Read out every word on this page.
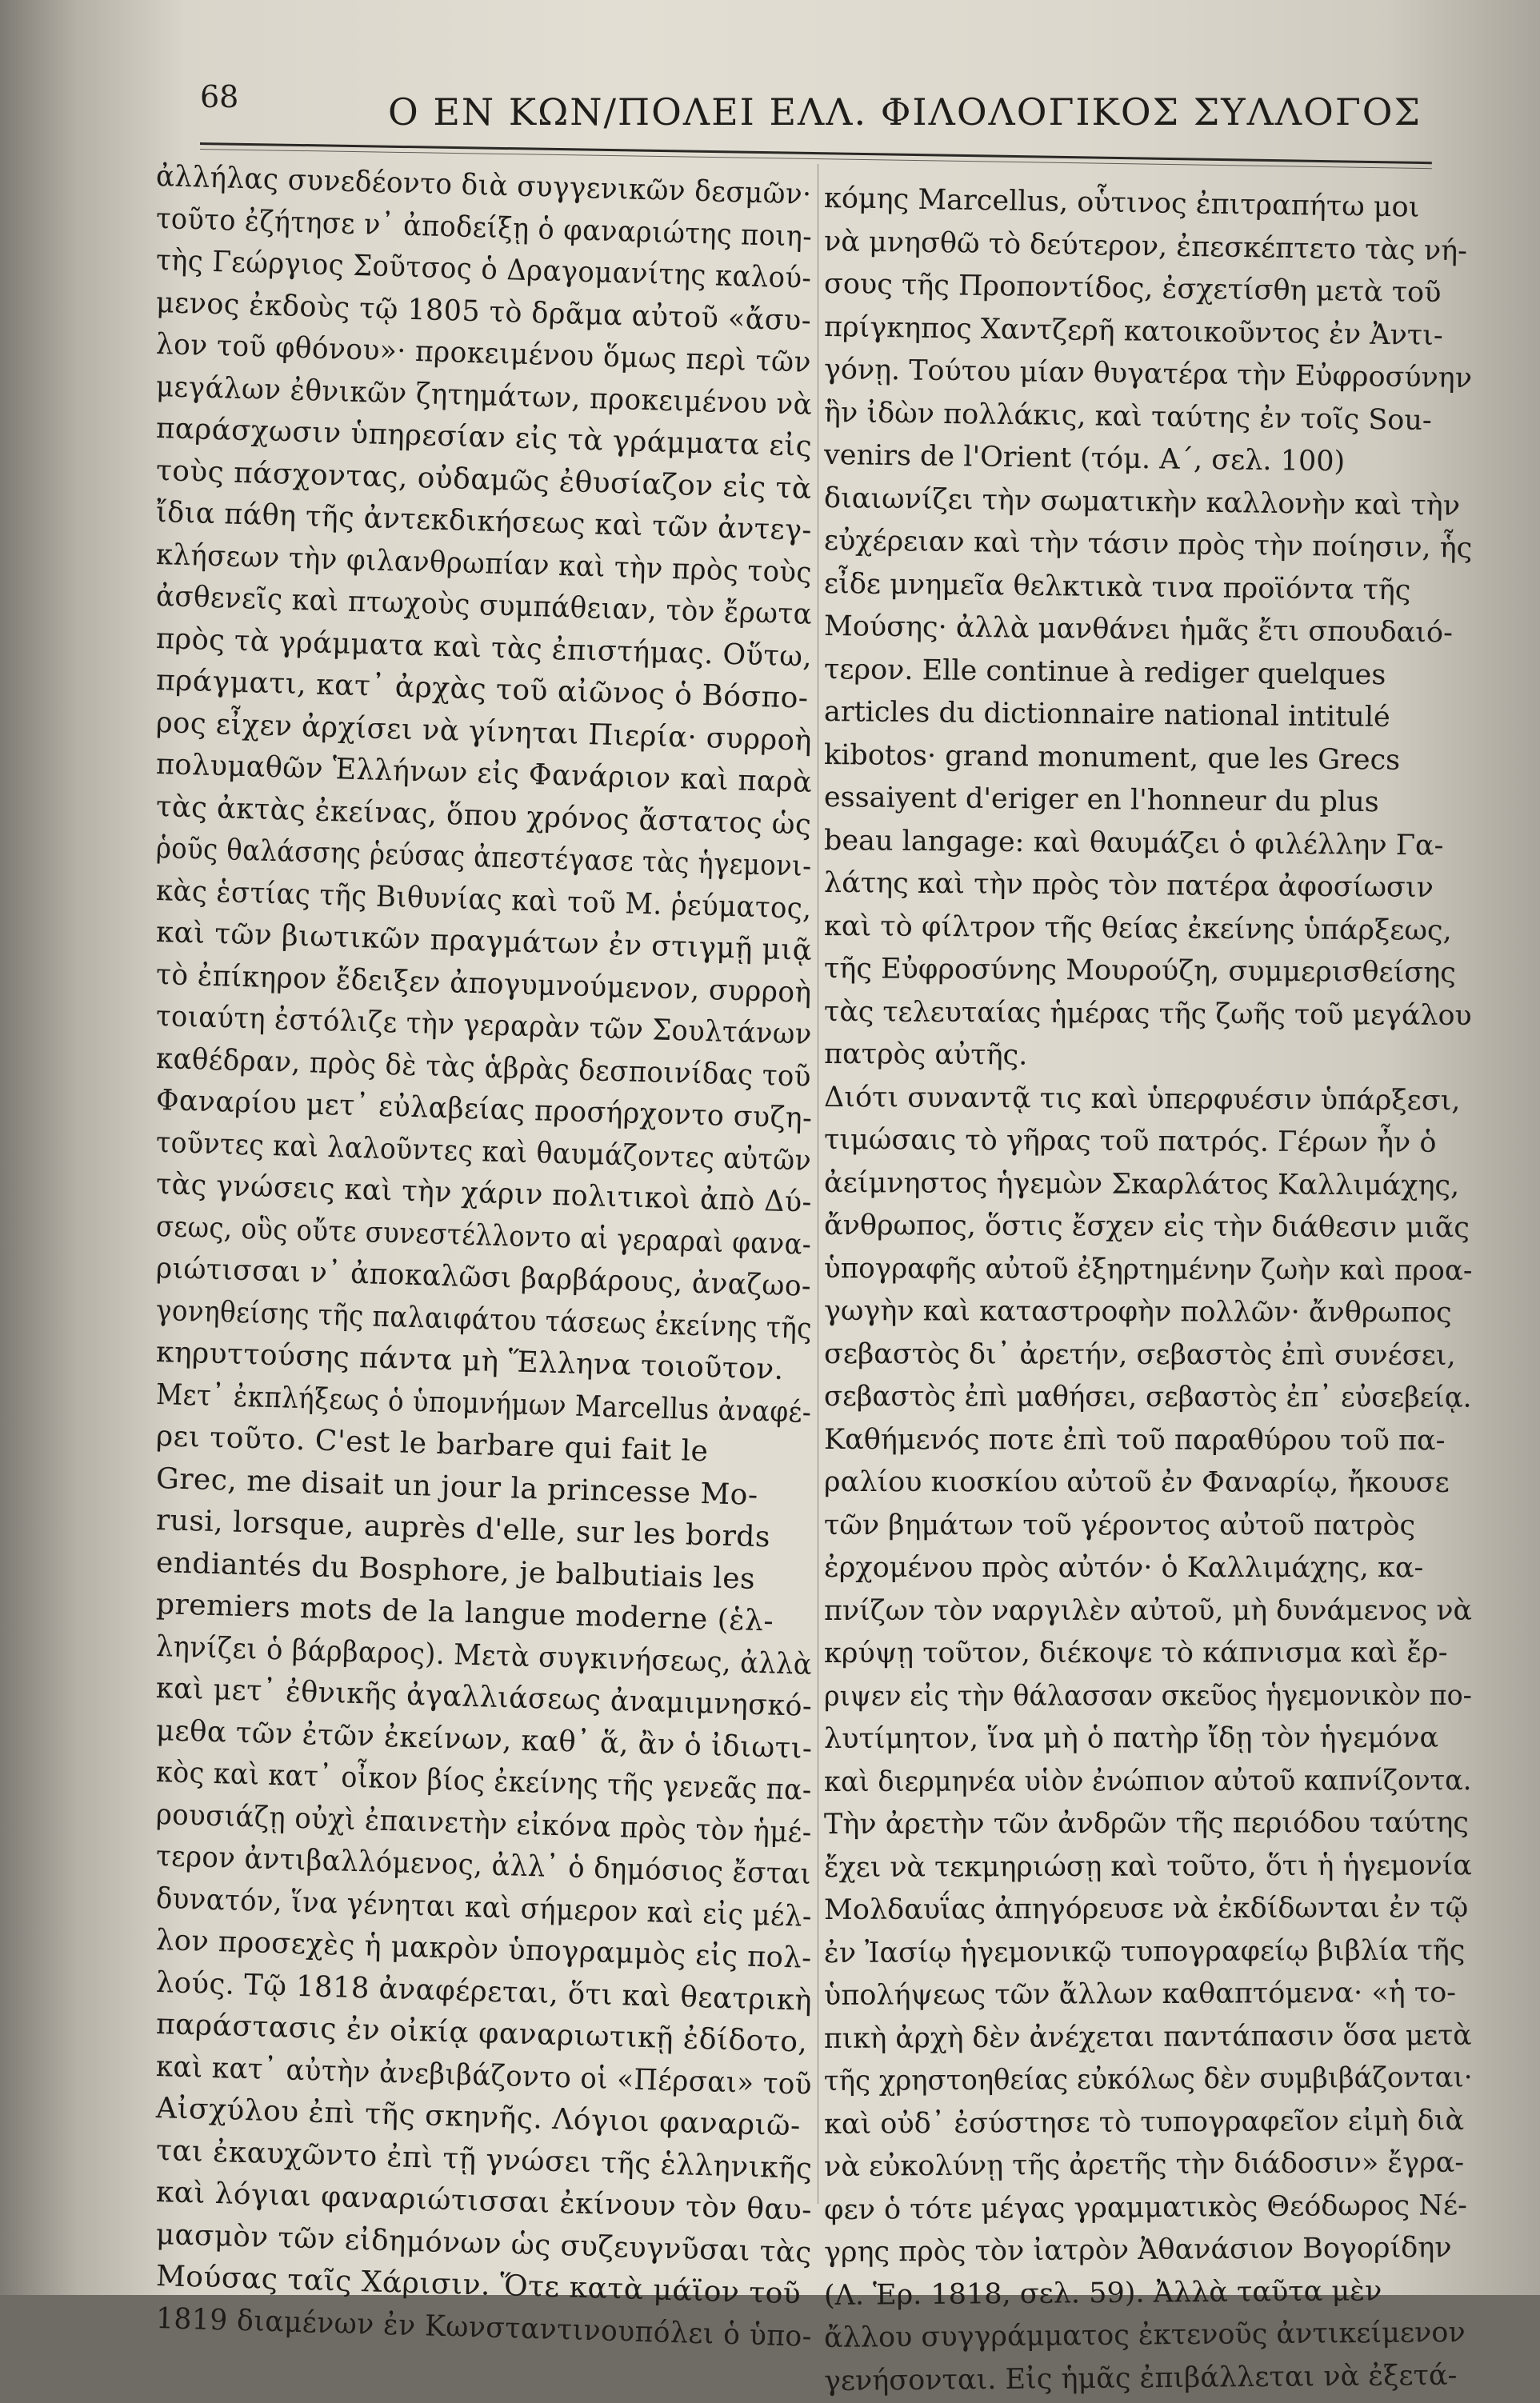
68	Ο ΕΝ ΚΩΝ/ΠΟΛΕΙ ΕΛΛ. ΦΙΛΟΛΟΓΙΚΟΣ ΣΥΛΛΟΓΟΣ
ἀλλήλας συνεδέοντο διὰ συγγενικῶν δεσμῶν·
τοῦτο ἐζήτησε ν᾽ ἀποδείξῃ ὁ φαναριώτης ποιη-
τὴς Γεώργιος Σοῦτσος ὁ Δραγομανίτης καλού-
μενος ἐκδοὺς τῷ 1805 τὸ δρᾶμα αὐτοῦ «ἄσυ-
λον τοῦ φθόνου»· προκειμένου ὅμως περὶ τῶν
μεγάλων ἐθνικῶν ζητημάτων, προκειμένου νὰ
παράσχωσιν ὑπηρεσίαν εἰς τὰ γράμματα εἰς
τοὺς πάσχοντας, οὐδαμῶς ἐθυσίαζον εἰς τὰ
ἴδια πάθη τῆς ἀντεκδικήσεως καὶ τῶν ἀντεγ-
κλήσεων τὴν φιλανθρωπίαν καὶ τὴν πρὸς τοὺς
ἀσθενεῖς καὶ πτωχοὺς συμπάθειαν, τὸν ἔρωτα
πρὸς τὰ γράμματα καὶ τὰς ἐπιστήμας. Οὕτω,
πράγματι, κατ᾽ ἀρχὰς τοῦ αἰῶνος ὁ Βόσπο-
ρος εἶχεν ἀρχίσει νὰ γίνηται Πιερία· συρροὴ
πολυμαθῶν Ἑλλήνων εἰς Φανάριον καὶ παρὰ
τὰς ἀκτὰς ἐκείνας, ὅπου χρόνος ἄστατος ὡς
ῥοῦς θαλάσσης ῥεύσας ἀπεστέγασε τὰς ἡγεμονι-
κὰς ἑστίας τῆς Βιθυνίας καὶ τοῦ Μ. ῥεύματος,
καὶ τῶν βιωτικῶν πραγμάτων ἐν στιγμῇ μιᾷ
τὸ ἐπίκηρον ἔδειξεν ἀπογυμνούμενον, συρροὴ
τοιαύτη ἐστόλιζε τὴν γεραρὰν τῶν Σουλτάνων
καθέδραν, πρὸς δὲ τὰς ἁβρὰς δεσποινίδας τοῦ
Φαναρίου μετ᾽ εὐλαβείας προσήρχοντο συζη-
τοῦντες καὶ λαλοῦντες καὶ θαυμάζοντες αὐτῶν
τὰς γνώσεις καὶ τὴν χάριν πολιτικοὶ ἀπὸ Δύ-
σεως, οὓς οὔτε συνεστέλλοντο αἱ γεραραὶ φανα-
ριώτισσαι ν᾽ ἀποκαλῶσι βαρβάρους, ἀναζωο-
γονηθείσης τῆς παλαιφάτου τάσεως ἐκείνης τῆς
κηρυττούσης πάντα μὴ Ἕλληνα τοιοῦτον.
Μετ᾽ ἐκπλήξεως ὁ ὑπομνήμων Marcellus ἀναφέ-
ρει τοῦτο. C'est le barbare qui fait le
Grec, me disait un jour la princesse Mo-
rusi, lorsque, auprès d'elle, sur les bords
endiantés du Bosphore, je balbutiais les
premiers mots de la langue moderne (ἑλ-
ληνίζει ὁ βάρβαρος). Μετὰ συγκινήσεως, ἀλλὰ
καὶ μετ᾽ ἐθνικῆς ἀγαλλιάσεως ἀναμιμνησκό-
μεθα τῶν ἐτῶν ἐκείνων, καθ᾽ ἅ, ἂν ὁ ἰδιωτι-
κὸς καὶ κατ᾽ οἶκον βίος ἐκείνης τῆς γενεᾶς πα-
ρουσιάζῃ οὐχὶ ἐπαινετὴν εἰκόνα πρὸς τὸν ἡμέ-
τερον ἀντιβαλλόμενος, ἀλλ᾽ ὁ δημόσιος ἔσται
δυνατόν, ἵνα γένηται καὶ σήμερον καὶ εἰς μέλ-
λον προσεχὲς ἡ μακρὸν ὑπογραμμὸς εἰς πολ-
λούς. Τῷ 1818 ἀναφέρεται, ὅτι καὶ θεατρικὴ
παράστασις ἐν οἰκίᾳ φαναριωτικῇ ἐδίδοτο,
καὶ κατ᾽ αὐτὴν ἀνεβιβάζοντο οἱ «Πέρσαι» τοῦ
Αἰσχύλου ἐπὶ τῆς σκηνῆς. Λόγιοι φαναριῶ-
ται ἐκαυχῶντο ἐπὶ τῇ γνώσει τῆς ἑλληνικῆς
καὶ λόγιαι φαναριώτισσαι ἐκίνουν τὸν θαυ-
μασμὸν τῶν εἰδημόνων ὡς συζευγνῦσαι τὰς
Μούσας ταῖς Χάρισιν. Ὅτε κατὰ μάϊον τοῦ
1819 διαμένων ἐν Κωνσταντινουπόλει ὁ ὑπο-
κόμης Marcellus, οὗτινος ἐπιτραπήτω μοι
νὰ μνησθῶ τὸ δεύτερον, ἐπεσκέπτετο τὰς νή-
σους τῆς Προποντίδος, ἐσχετίσθη μετὰ τοῦ
πρίγκηπος Χαντζερῆ κατοικοῦντος ἐν Ἀντι-
γόνῃ. Τούτου μίαν θυγατέρα τὴν Εὐφροσύνην
ἣν ἰδὼν πολλάκις, καὶ ταύτης ἐν τοῖς Sou-
venirs de l'Orient (τόμ. Α΄, σελ. 100)
διαιωνίζει τὴν σωματικὴν καλλονὴν καὶ τὴν
εὐχέρειαν καὶ τὴν τάσιν πρὸς τὴν ποίησιν, ἧς
εἶδε μνημεῖα θελκτικὰ τινα προϊόντα τῆς
Μούσης· ἀλλὰ μανθάνει ἡμᾶς ἔτι σπουδαιό-
τερον. Elle continue à rediger quelques
articles du dictionnaire national intitulé
kibotos· grand monument, que les Grecs
essaiyent d'eriger en l'honneur du plus
beau langage: καὶ θαυμάζει ὁ φιλέλλην Γα-
λάτης καὶ τὴν πρὸς τὸν πατέρα ἀφοσίωσιν
καὶ τὸ φίλτρον τῆς θείας ἐκείνης ὑπάρξεως,
τῆς Εὐφροσύνης Μουρούζη, συμμερισθείσης
τὰς τελευταίας ἡμέρας τῆς ζωῆς τοῦ μεγάλου
πατρὸς αὐτῆς.
Διότι συναντᾷ τις καὶ ὑπερφυέσιν ὑπάρξεσι,
τιμώσαις τὸ γῆρας τοῦ πατρός. Γέρων ἦν ὁ
ἀείμνηστος ἡγεμὼν Σκαρλάτος Καλλιμάχης,
ἄνθρωπος, ὅστις ἔσχεν εἰς τὴν διάθεσιν μιᾶς
ὑπογραφῆς αὐτοῦ ἐξηρτημένην ζωὴν καὶ προα-
γωγὴν καὶ καταστροφὴν πολλῶν· ἄνθρωπος
σεβαστὸς δι᾽ ἀρετήν, σεβαστὸς ἐπὶ συνέσει,
σεβαστὸς ἐπὶ μαθήσει, σεβαστὸς ἐπ᾽ εὐσεβείᾳ.
Καθήμενός ποτε ἐπὶ τοῦ παραθύρου τοῦ πα-
ραλίου κιοσκίου αὐτοῦ ἐν Φαναρίῳ, ἤκουσε
τῶν βημάτων τοῦ γέροντος αὐτοῦ πατρὸς
ἐρχομένου πρὸς αὐτόν· ὁ Καλλιμάχης, κα-
πνίζων τὸν ναργιλὲν αὐτοῦ, μὴ δυνάμενος νὰ
κρύψῃ τοῦτον, διέκοψε τὸ κάπνισμα καὶ ἔρ-
ριψεν εἰς τὴν θάλασσαν σκεῦος ἡγεμονικὸν πο-
λυτίμητον, ἵνα μὴ ὁ πατὴρ ἴδῃ τὸν ἡγεμόνα
καὶ διερμηνέα υἱὸν ἐνώπιον αὐτοῦ καπνίζοντα.
Τὴν ἀρετὴν τῶν ἀνδρῶν τῆς περιόδου ταύτης
ἔχει νὰ τεκμηριώσῃ καὶ τοῦτο, ὅτι ἡ ἡγεμονία
Μολδαυΐας ἀπηγόρευσε νὰ ἐκδίδωνται ἐν τῷ
ἐν Ἰασίῳ ἡγεμονικῷ τυπογραφείῳ βιβλία τῆς
ὑπολήψεως τῶν ἄλλων καθαπτόμενα· «ἡ το-
πικὴ ἀρχὴ δὲν ἀνέχεται παντάπασιν ὅσα μετὰ
τῆς χρηστοηθείας εὐκόλως δὲν συμβιβάζονται·
καὶ οὐδ᾽ ἐσύστησε τὸ τυπογραφεῖον εἰμὴ διὰ
νὰ εὐκολύνῃ τῆς ἀρετῆς τὴν διάδοσιν» ἔγρα-
φεν ὁ τότε μέγας γραμματικὸς Θεόδωρος Νέ-
γρης πρὸς τὸν ἰατρὸν Ἀθανάσιον Βογορίδην
(Λ. Ἑρ. 1818, σελ. 59). Ἀλλὰ ταῦτα μὲν
ἄλλου συγγράμματος ἐκτενοῦς ἀντικείμενον
γενήσονται. Εἰς ἡμᾶς ἐπιβάλλεται νὰ ἐξετά-
